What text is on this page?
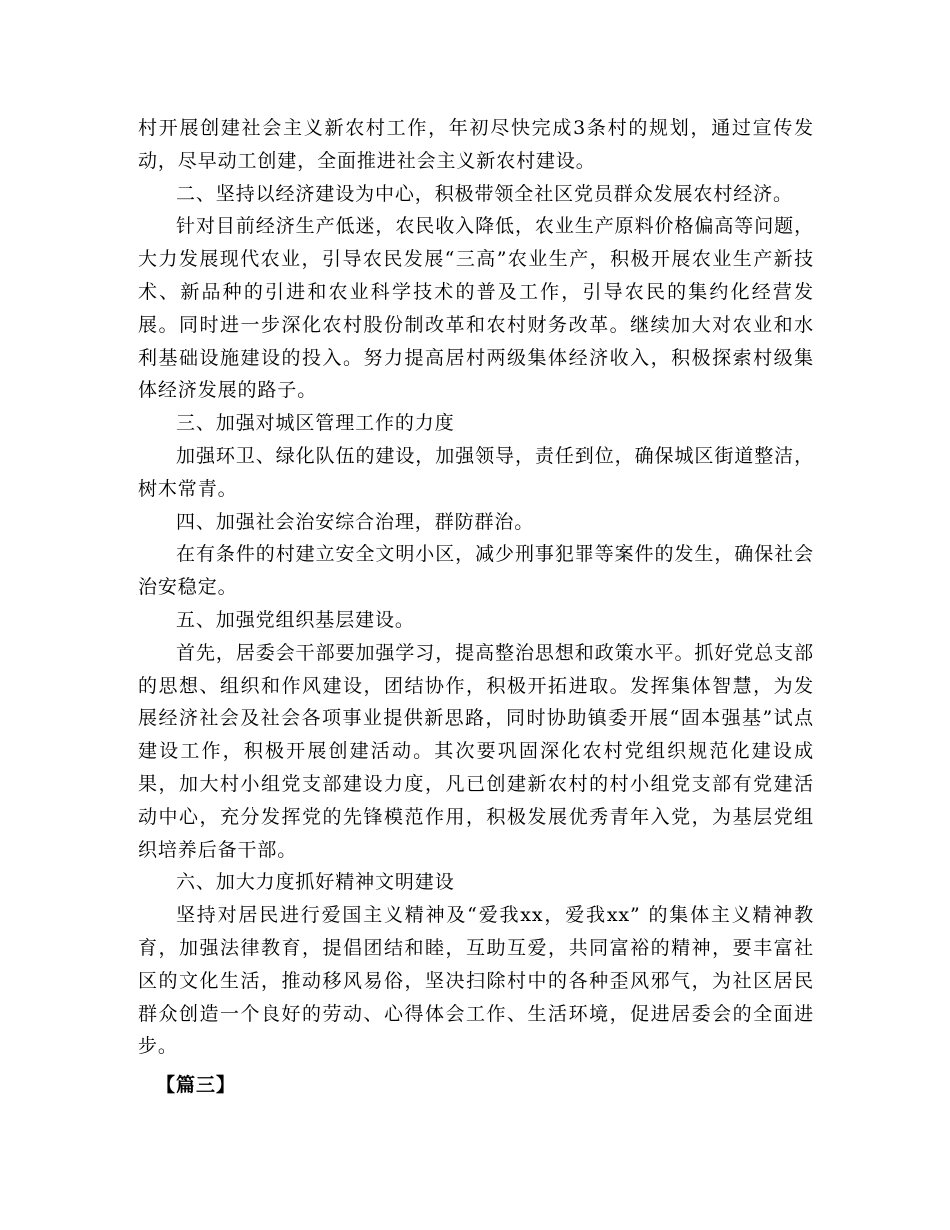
村开展创建社会主义新农村工作，年初尽快完成3条村的规划，通过宣传发动，尽早动工创建，全面推进社会主义新农村建设。

二、坚持以经济建设为中心，积极带领全社区党员群众发展农村经济。

针对目前经济生产低迷，农民收入降低，农业生产原料价格偏高等问题，大力发展现代农业，引导农民发展“三高”农业生产，积极开展农业生产新技术、新品种的引进和农业科学技术的普及工作，引导农民的集约化经营发展。同时进一步深化农村股份制改革和农村财务改革。继续加大对农业和水利基础设施建设的投入。努力提高居村两级集体经济收入，积极探索村级集体经济发展的路子。

三、加强对城区管理工作的力度

加强环卫、绿化队伍的建设，加强领导，责任到位，确保城区街道整洁，树木常青。

四、加强社会治安综合治理，群防群治。

在有条件的村建立安全文明小区，减少刑事犯罪等案件的发生，确保社会治安稳定。

五、加强党组织基层建设。

首先，居委会干部要加强学习，提高整治思想和政策水平。抓好党总支部的思想、组织和作风建设，团结协作，积极开拓进取。发挥集体智慧，为发展经济社会及社会各项事业提供新思路，同时协助镇委开展“固本强基”试点建设工作，积极开展创建活动。其次要巩固深化农村党组织规范化建设成果，加大村小组党支部建设力度，凡已创建新农村的村小组党支部有党建活动中心，充分发挥党的先锋模范作用，积极发展优秀青年入党，为基层党组织培养后备干部。

六、加大力度抓好精神文明建设

坚持对居民进行爱国主义精神及“爱我xx，爱我xx” 的集体主义精神教育，加强法律教育，提倡团结和睦，互助互爱，共同富裕的精神，要丰富社区的文化生活，推动移风易俗，坚决扫除村中的各种歪风邪气，为社区居民群众创造一个良好的劳动、心得体会工作、生活环境，促进居委会的全面进步。

【篇三】
